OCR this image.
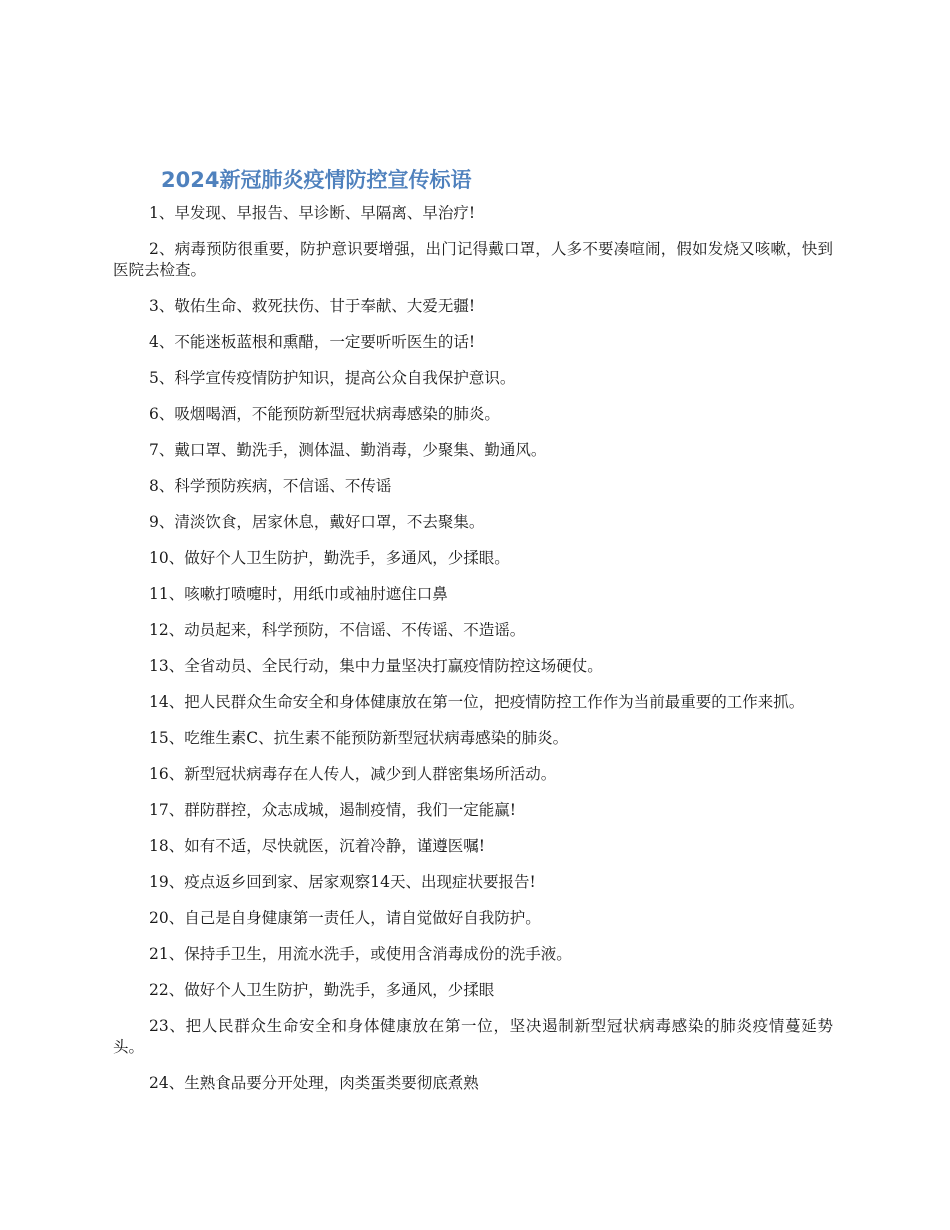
2024新冠肺炎疫情防控宣传标语
1、早发现、早报告、早诊断、早隔离、早治疗!
2、病毒预防很重要，防护意识要增强，出门记得戴口罩，人多不要凑喧闹，假如发烧又咳嗽，快到医院去检查。
3、敬佑生命、救死扶伤、甘于奉献、大爱无疆!
4、不能迷板蓝根和熏醋，一定要听听医生的话!
5、科学宣传疫情防护知识，提高公众自我保护意识。
6、吸烟喝酒，不能预防新型冠状病毒感染的肺炎。
7、戴口罩、勤洗手，测体温、勤消毒，少聚集、勤通风。
8、科学预防疾病，不信谣、不传谣
9、清淡饮食，居家休息，戴好口罩，不去聚集。
10、做好个人卫生防护，勤洗手，多通风，少揉眼。
11、咳嗽打喷嚏时，用纸巾或袖肘遮住口鼻
12、动员起来，科学预防，不信谣、不传谣、不造谣。
13、全省动员、全民行动，集中力量坚决打赢疫情防控这场硬仗。
14、把人民群众生命安全和身体健康放在第一位，把疫情防控工作作为当前最重要的工作来抓。
15、吃维生素C、抗生素不能预防新型冠状病毒感染的肺炎。
16、新型冠状病毒存在人传人，减少到人群密集场所活动。
17、群防群控，众志成城，遏制疫情，我们一定能赢!
18、如有不适，尽快就医，沉着冷静，谨遵医嘱!
19、疫点返乡回到家、居家观察14天、出现症状要报告!
20、自己是自身健康第一责任人，请自觉做好自我防护。
21、保持手卫生，用流水洗手，或使用含消毒成份的洗手液。
22、做好个人卫生防护，勤洗手，多通风，少揉眼
23、把人民群众生命安全和身体健康放在第一位，坚决遏制新型冠状病毒感染的肺炎疫情蔓延势头。
24、生熟食品要分开处理，肉类蛋类要彻底煮熟
